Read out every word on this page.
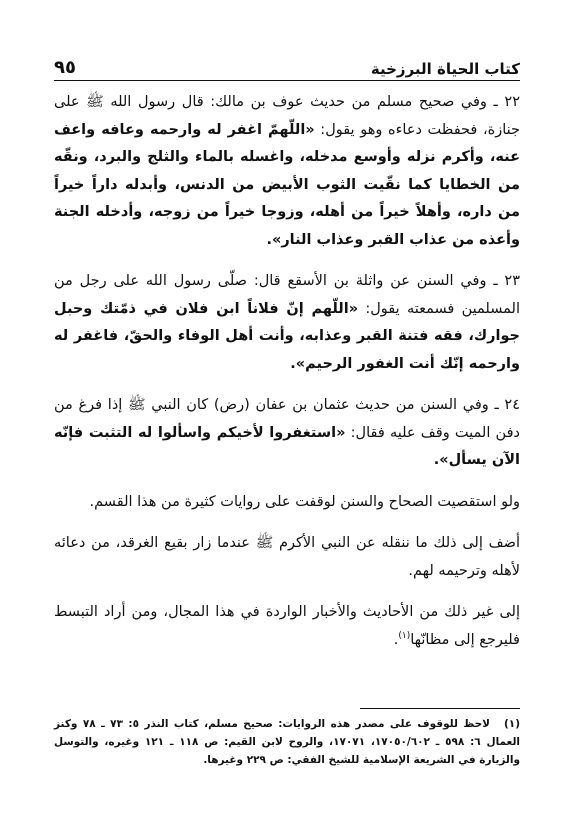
كتاب الحياة البرزخية
٩٥

٢٢ ـ وفي صحيح مسلم من حديث عوف بن مالك: قال رسول الله ﷺ على جنازة، فحفظت دعاءه وهو يقول: «اللّهمّ اغفر له وارحمه وعافه واعف عنه، وأكرم نزله وأوسع مدخله، واغسله بالماء والثلج والبرد، ونقّه من الخطايا كما نقّيت الثوب الأبيض من الدنس، وأبدله داراً خيراً من داره، وأهلاً خيراً من أهله، وزوجا خيراً من زوجه، وأدخله الجنة وأعذه من عذاب القبر وعذاب النار».

٢٣ ـ وفي السنن عن واثلة بن الأسقع قال: صلّى رسول الله على رجل من المسلمين فسمعته يقول: «اللّهم إنّ فلاناً ابن فلان في ذمّتك وحبل جوارك، فقه فتنة القبر وعذابه، وأنت أهل الوفاء والحقّ، فاغفر له وارحمه إنّك أنت الغفور الرحيم».

٢٤ ـ وفي السنن من حديث عثمان بن عفان (رض) كان النبي ﷺ إذا فرغ من دفن الميت وقف عليه فقال: «استغفروا لأخيكم واسألوا له التثبت فإنّه الآن يسأل».

ولو استقصيت الصحاح والسنن لوقفت على روايات كثيرة من هذا القسم.

أضف إلى ذلك ما ننقله عن النبي الأكرم ﷺ عندما زار بقيع الغرقد، من دعائه لأهله وترحيمه لهم.

إلى غير ذلك من الأحاديث والأخبار الواردة في هذا المجال، ومن أراد التبسط فليرجع إلى مظانّها$^{(١)}$.

(١)لاحظ للوقوف على مصدر هذه الروايات: صحيح مسلم، كتاب النذر ٥: ٧٣ ـ ٧٨ وكنز العمال ٦: ٥٩٨ ـ ١٧٠٥٠/٦٠٢، ١٧٠٧١، والروح لابن القيم: ص ١١٨ ـ ١٢١ وغيره، والتوسل والزيارة في الشريعة الإسلامية للشيخ الفقي: ص ٢٢٩ وغيرها.
